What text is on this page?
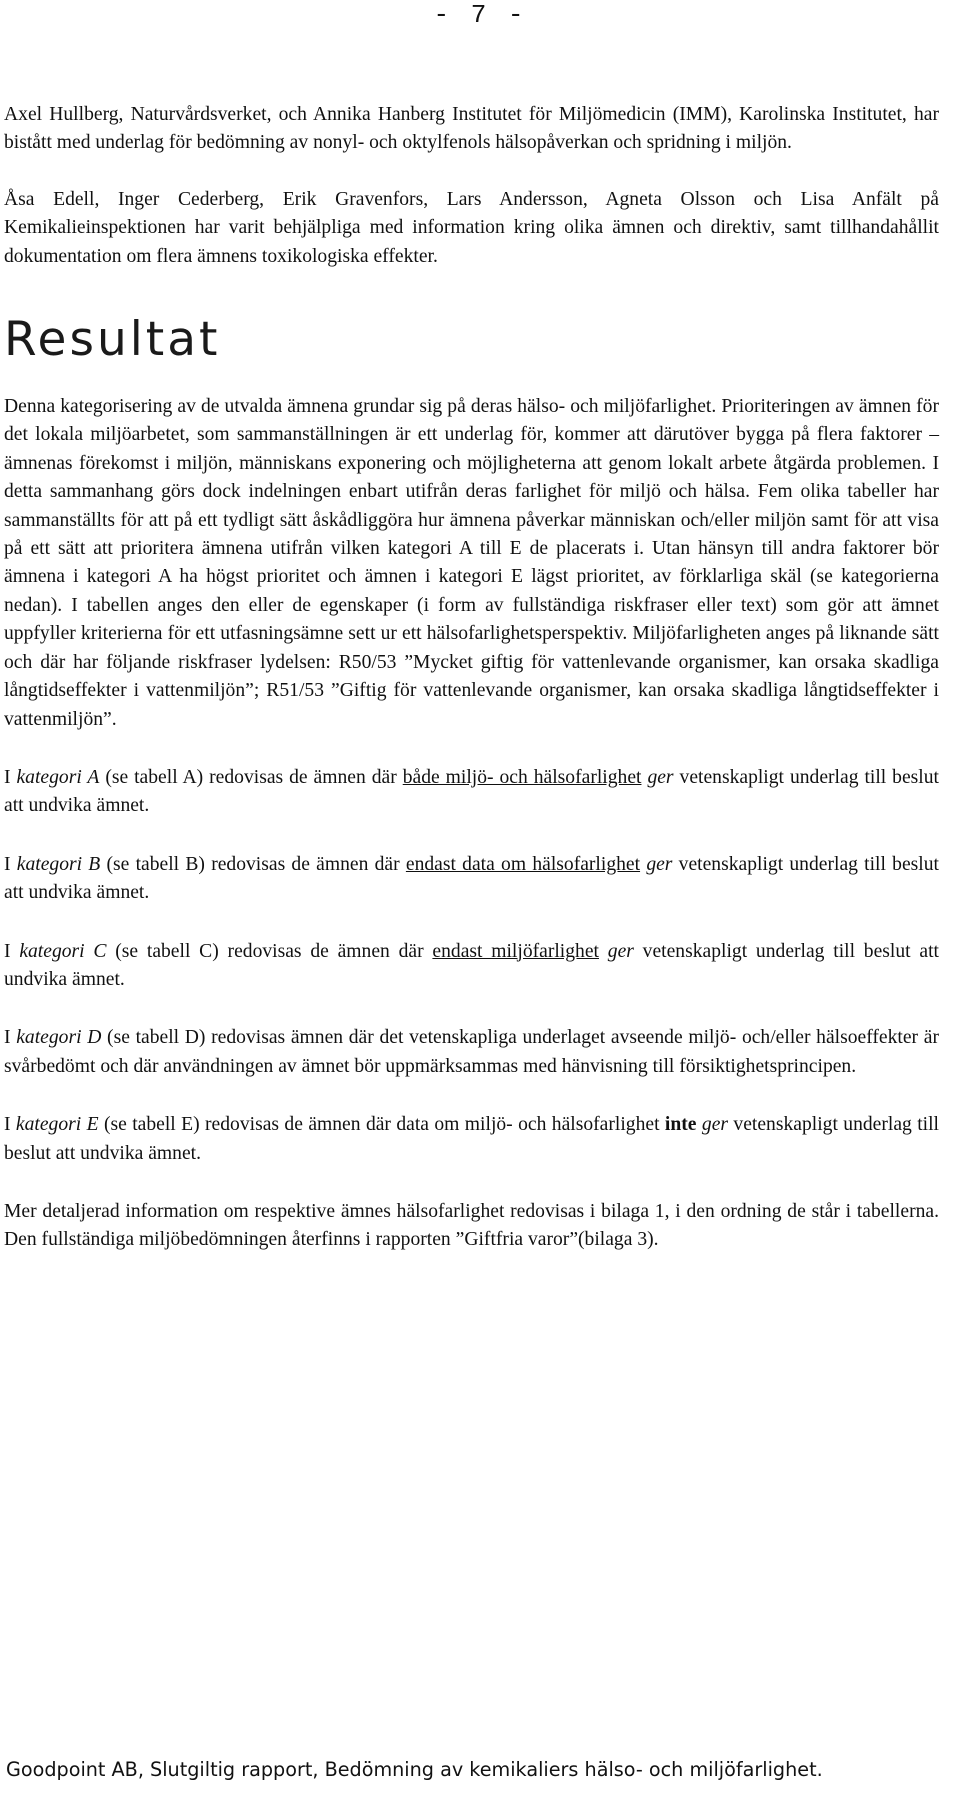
- 7 -

Axel Hullberg, Naturvårdsverket, och Annika Hanberg Institutet för Miljömedicin (IMM), Karolinska Institutet, har bistått med underlag för bedömning av nonyl- och oktylfenols hälsopåverkan och spridning i miljön.

Åsa Edell, Inger Cederberg, Erik Gravenfors, Lars Andersson, Agneta Olsson och Lisa Anfält på Kemikalieinspektionen har varit behjälpliga med information kring olika ämnen och direktiv, samt tillhandahållit dokumentation om flera ämnens toxikologiska effekter.

Resultat

Denna kategorisering av de utvalda ämnena grundar sig på deras hälso- och miljöfarlighet. Prioriteringen av ämnen för det lokala miljöarbetet, som sammanställningen är ett underlag för, kommer att därutöver bygga på flera faktorer – ämnenas förekomst i miljön, människans exponering och möjligheterna att genom lokalt arbete åtgärda problemen. I detta sammanhang görs dock indelningen enbart utifrån deras farlighet för miljö och hälsa. Fem olika tabeller har sammanställts för att på ett tydligt sätt åskådliggöra hur ämnena påverkar människan och/eller miljön samt för att visa på ett sätt att prioritera ämnena utifrån vilken kategori A till E de placerats i. Utan hänsyn till andra faktorer bör ämnena i kategori A ha högst prioritet och ämnen i kategori E lägst prioritet, av förklarliga skäl (se kategorierna nedan). I tabellen anges den eller de egenskaper (i form av fullständiga riskfraser eller text) som gör att ämnet uppfyller kriterierna för ett utfasningsämne sett ur ett hälsofarlighetsperspektiv. Miljöfarligheten anges på liknande sätt och där har följande riskfraser lydelsen: R50/53 ”Mycket giftig för vattenlevande organismer, kan orsaka skadliga långtidseffekter i vattenmiljön”; R51/53 ”Giftig för vattenlevande organismer, kan orsaka skadliga långtidseffekter i vattenmiljön”.

I kategori A (se tabell A) redovisas de ämnen där både miljö- och hälsofarlighet ger vetenskapligt underlag till beslut att undvika ämnet.

I kategori B (se tabell B) redovisas de ämnen där endast data om hälsofarlighet ger vetenskapligt underlag till beslut att undvika ämnet.

I kategori C (se tabell C) redovisas de ämnen där endast miljöfarlighet ger vetenskapligt underlag till beslut att undvika ämnet.

I kategori D (se tabell D) redovisas ämnen där det vetenskapliga underlaget avseende miljö- och/eller hälsoeffekter är svårbedömt och där användningen av ämnet bör uppmärksammas med hänvisning till försiktighetsprincipen.

I kategori E (se tabell E) redovisas de ämnen där data om miljö- och hälsofarlighet inte ger vetenskapligt underlag till beslut att undvika ämnet.

Mer detaljerad information om respektive ämnes hälsofarlighet redovisas i bilaga 1, i den ordning de står i tabellerna. Den fullständiga miljöbedömningen återfinns i rapporten ”Giftfria varor”(bilaga 3).

Goodpoint AB, Slutgiltig rapport, Bedömning av kemikaliers hälso- och miljöfarlighet.
